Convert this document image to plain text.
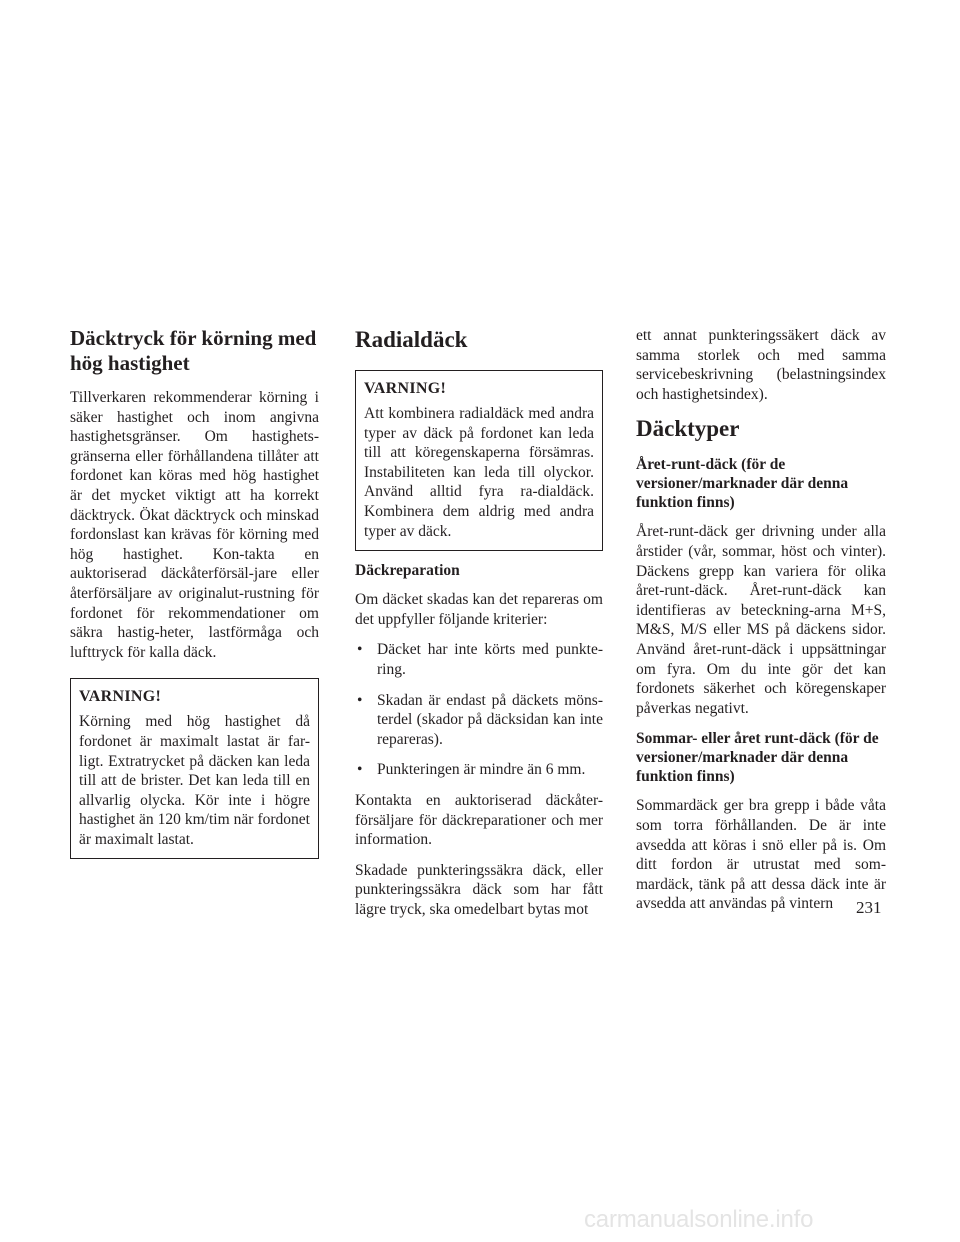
Däcktryck för körning med hög hastighet

Tillverkaren rekommenderar körning i säker hastighet och inom angivna hastighetsgränser. Om hastighets-gränserna eller förhållandena tillåter att fordonet kan köras med hög hastighet är det mycket viktigt att ha korrekt däcktryck. Ökat däcktryck och minskad fordonslast kan krävas för körning med hög hastighet. Kon-takta en auktoriserad däckåterförsäl-jare eller återförsäljare av originalut-rustning för fordonet för rekommendationer om säkra hastig-heter, lastförmåga och lufttryck för kalla däck.

VARNING!

Körning med hög hastighet då fordonet är maximalt lastat är far-ligt. Extratrycket på däcken kan leda till att de brister. Det kan leda till en allvarlig olycka. Kör inte i högre hastighet än 120 km/tim när fordonet är maximalt lastat.

Radialdäck
VARNING!

Att kombinera radialdäck med andra typer av däck på fordonet kan leda till att köregenskaperna försämras. Instabiliteten kan leda till olyckor. Använd alltid fyra ra-dialdäck. Kombinera dem aldrig med andra typer av däck.

Däckreparation

Om däcket skadas kan det repareras om det uppfyller följande kriterier:

• Däcket har inte körts med punkte-ring.
• Skadan är endast på däckets möns-terdel (skador på däcksidan kan inte repareras).
• Punkteringen är mindre än 6 mm.

Kontakta en auktoriserad däckåter-försäljare för däckreparationer och mer information.

Skadade punkteringssäkra däck, eller punkteringssäkra däck som har fått lägre tryck, ska omedelbart bytas mot

ett annat punkteringssäkert däck av samma storlek och med samma servicebeskrivning (belastningsindex och hastighetsindex).

Däcktyper
Året-runt-däck (för de versioner/marknader där denna funktion finns)

Året-runt-däck ger drivning under alla årstider (vår, sommar, höst och vinter). Däckens grepp kan variera för olika året-runt-däck. Året-runt-däck kan identifieras av beteckning-arna M+S, M&S, M/S eller MS på däckens sidor. Använd året-runt-däck i uppsättningar om fyra. Om du inte gör det kan fordonets säkerhet och köregenskaper påverkas negativt.

Sommar- eller året runt-däck (för de versioner/marknader där denna funktion finns)

Sommardäck ger bra grepp i både våta som torra förhållanden. De är inte avsedda att köras i snö eller på is. Om ditt fordon är utrustat med som-mardäck, tänk på att dessa däck inte är avsedda att användas på vintern	231
carmanualsonline.info
